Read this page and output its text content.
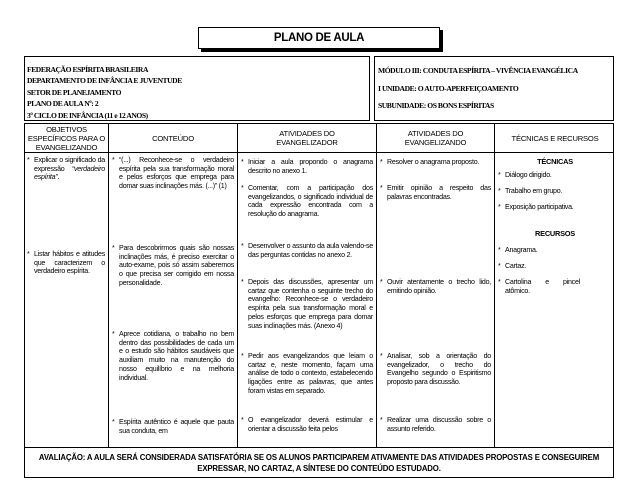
PLANO DE AULA
FEDERAÇÃO ESPÍRITA BRASILEIRA
DEPARTAMENTO DE INFÂNCIA E JUVENTUDE
SETOR DE PLANEJAMENTO
PLANO DE AULA Nº: 2
3º CICLO DE INFÂNCIA (11 e 12 ANOS)
MÓDULO III: CONDUTA ESPÍRITA – VIVÊNCIA EVANGÉLICA
I UNIDADE: O AUTO-APERFEIÇOAMENTO
SUBUNIDADE: OS BONS ESPÍRITAS
OBJETIVOS ESPECÍFICOS PARA O EVANGELIZANDO
CONTEÚDO	ATIVIDADES DO EVANGELIZADOR
ATIVIDADES DO EVANGELIZANDO	TÉCNICAS E RECURSOS
* Explicar o significado da expressão “verdadeiro espírita”.
* Listar hábitos e atitudes que caracterizem o verdadeiro espírita.
* “(...) Reconhece-se o verdadeiro espírita pela sua transformação moral e pelos esforços que emprega para domar suas inclinações más. (...)” (1)
* Para descobrirmos quais são nossas inclinações más, é preciso exercitar o auto-exame, pois só assim saberemos o que precisa ser corrigido em nossa personalidade.
* Aprece cotidiana, o trabalho no bem dentro das possibilidades de cada um e o estudo são hábitos saudáveis que auxiliam muito na manutenção do nosso equilíbrio e na melhoria individual.
* Espírita autêntico é aquele que pauta sua conduta, em
* Iniciar a aula propondo o anagrama descrito no anexo 1.
* Comentar, com a participação dos evangelizandos, o significado individual de cada expressão encontrada com a resolução do anagrama.
* Desenvolver o assunto da aula valendo-se das perguntas contidas no anexo 2.
* Depois das discussões, apresentar um cartaz que contenha o seguinte trecho do evangelho: Reconhece-se o verdadeiro espírita pela sua transformação moral e pelos esforços que emprega para domar suas inclinações más. (Anexo 4)
* Pedir aos evangelizandos que leiam o cartaz e, neste momento, façam uma análise de todo o contexto, estabelecendo ligações entre as palavras, que antes foram vistas em separado.
* O evangelizador deverá estimular e orientar a discussão feita pelos
* Resolver o anagrama proposto.
* Emitir opinião a respeito das palavras encontradas.
* Ouvir atentamente o trecho lido, emitindo opinião.
* Analisar, sob a orientação do evangelizador, o trecho do Evangelho segundo o Espiritismo proposto para discussão.
* Realizar uma discussão sobre o assunto referido.
TÉCNICAS
* Diálogo dirigido.
* Trabalho em grupo.
* Exposição participativa.
RECURSOS
* Anagrama.
* Cartaz.
* Cartolina e pincel atômico.
AVALIAÇÃO: A AULA SERÁ CONSIDERADA SATISFATÓRIA SE OS ALUNOS PARTICIPAREM ATIVAMENTE DAS ATIVIDADES PROPOSTAS E CONSEGUIREM EXPRESSAR, NO CARTAZ, A SÍNTESE DO CONTEÚDO ESTUDADO.
